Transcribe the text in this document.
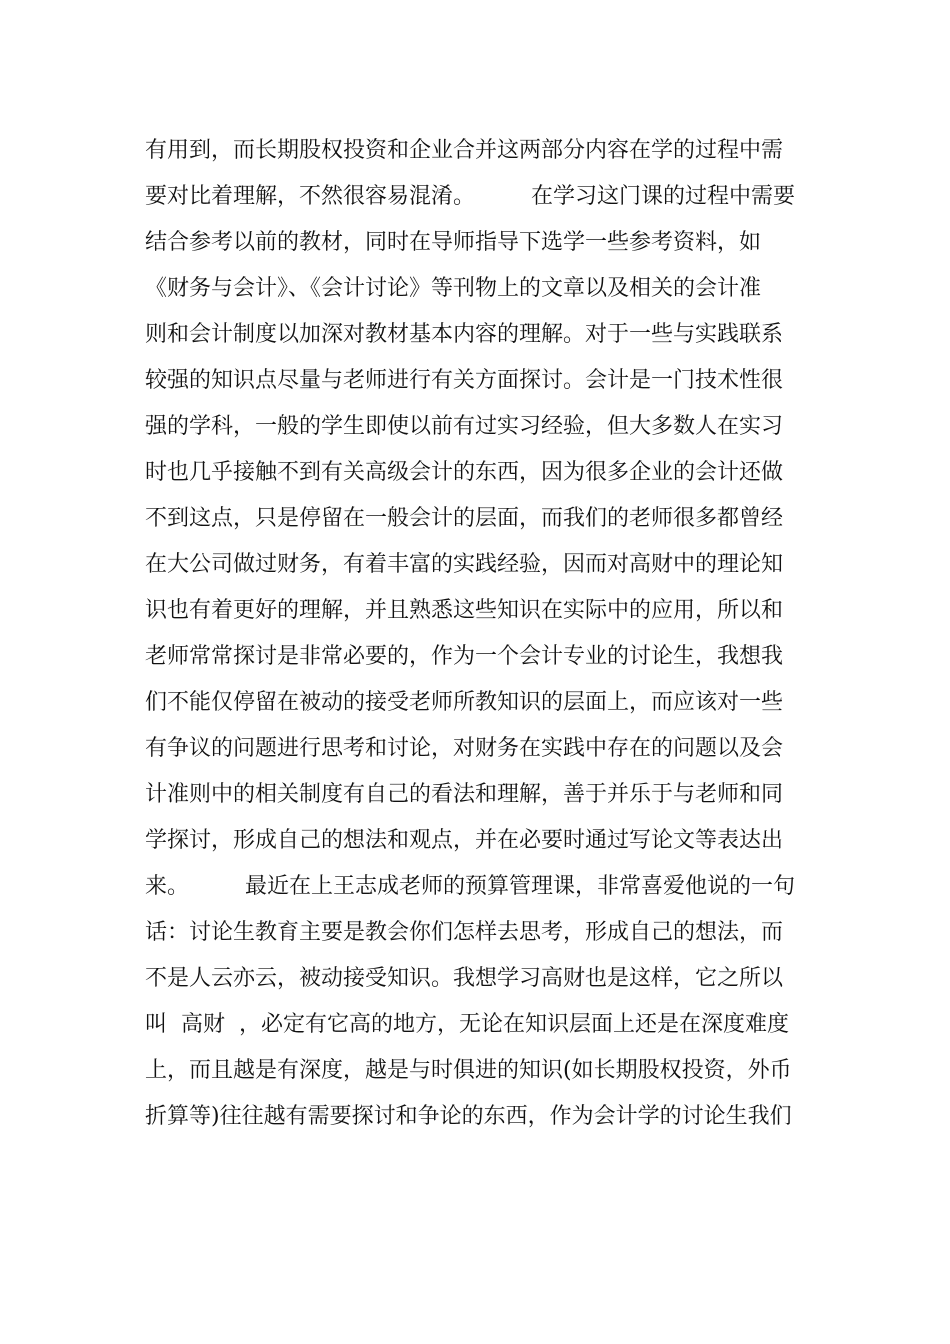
有用到，而长期股权投资和企业合并这两部分内容在学的过程中需
要对比着理解，不然很容易混淆。        在学习这门课的过程中需要
结合参考以前的教材，同时在导师指导下选学一些参考资料，如
《财务与会计》、《会计讨论》等刊物上的文章以及相关的会计准
则和会计制度以加深对教材基本内容的理解。对于一些与实践联系
较强的知识点尽量与老师进行有关方面探讨。会计是一门技术性很
强的学科，一般的学生即使以前有过实习经验，但大多数人在实习
时也几乎接触不到有关高级会计的东西，因为很多企业的会计还做
不到这点，只是停留在一般会计的层面，而我们的老师很多都曾经
在大公司做过财务，有着丰富的实践经验，因而对高财中的理论知
识也有着更好的理解，并且熟悉这些知识在实际中的应用，所以和
老师常常探讨是非常必要的，作为一个会计专业的讨论生，我想我
们不能仅停留在被动的接受老师所教知识的层面上，而应该对一些
有争议的问题进行思考和讨论，对财务在实践中存在的问题以及会
计准则中的相关制度有自己的看法和理解，善于并乐于与老师和同
学探讨，形成自己的想法和观点，并在必要时通过写论文等表达出
来。        最近在上王志成老师的预算管理课，非常喜爱他说的一句
话：讨论生教育主要是教会你们怎样去思考，形成自己的想法，而
不是人云亦云，被动接受知识。我想学习高财也是这样，它之所以
叫  高财  ，必定有它高的地方，无论在知识层面上还是在深度难度
上，而且越是有深度，越是与时俱进的知识(如长期股权投资，外币
折算等)往往越有需要探讨和争论的东西，作为会计学的讨论生我们
